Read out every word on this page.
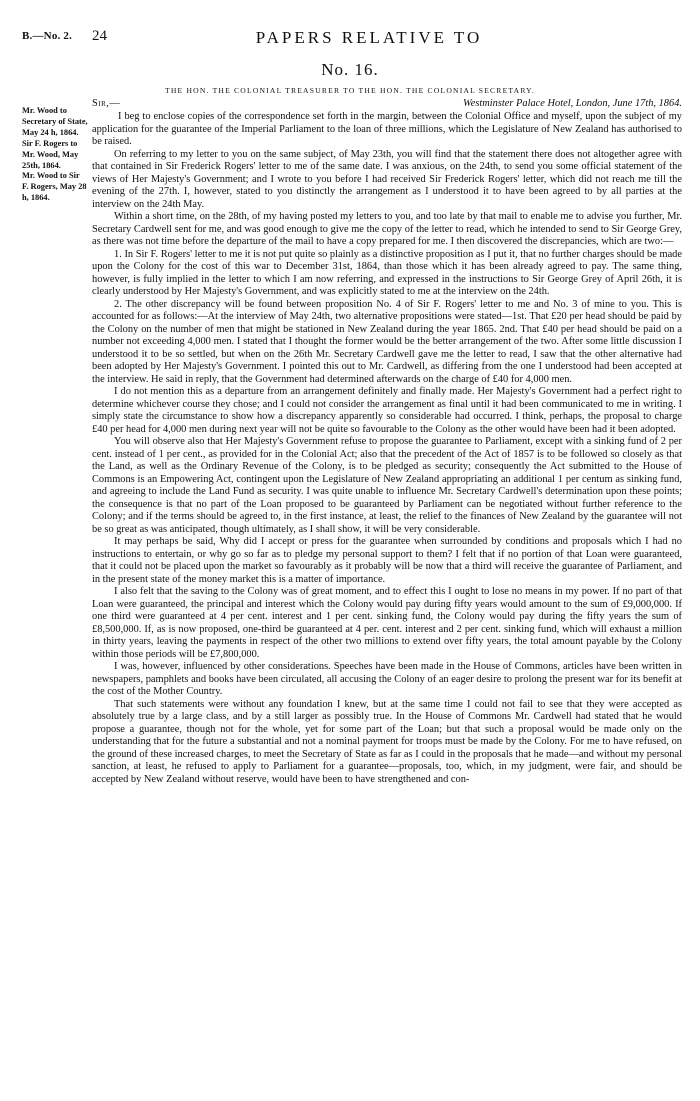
B.—No. 2. 24	PAPERS RELATIVE TO
No. 16.
THE HON. THE COLONIAL TREASURER TO THE HON. THE COLONIAL SECRETARY.

Mr. Wood to Secretary of State, May 24 h, 1864.

Sir F. Rogers to Mr. Wood, May 25th, 1864.

Mr. Wood to Sir F. Rogers, May 28 h, 1864.

Sir,—	Westminster Palace Hotel, London, June 17th, 1864.

I beg to enclose copies of the correspondence set forth in the margin, between the Colonial Office and myself, upon the subject of my application for the guarantee of the Imperial Parliament to the loan of three millions, which the Legislature of New Zealand has authorised to be raised.

On referring to my letter to you on the same subject, of May 23th, you will find that the statement there does not altogether agree with that contained in Sir Frederick Rogers' letter to me of the same date. I was anxious, on the 24th, to send you some official statement of the views of Her Majesty's Government; and I wrote to you before I had received Sir Frederick Rogers' letter, which did not reach me till the evening of the 27th. I, however, stated to you distinctly the arrangement as I understood it to have been agreed to by all parties at the interview on the 24th May.

Within a short time, on the 28th, of my having posted my letters to you, and too late by that mail to enable me to advise you further, Mr. Secretary Cardwell sent for me, and was good enough to give me the copy of the letter to read, which he intended to send to Sir George Grey, as there was not time before the departure of the mail to have a copy prepared for me. I then discovered the discrepancies, which are two:—

1. In Sir F. Rogers' letter to me it is not put quite so plainly as a distinctive proposition as I put it, that no further charges should be made upon the Colony for the cost of this war to December 31st, 1864, than those which it has been already agreed to pay. The same thing, however, is fully implied in the letter to which I am now referring, and expressed in the instructions to Sir George Grey of April 26th, it is clearly understood by Her Majesty's Government, and was explicitly stated to me at the interview on the 24th.

2. The other discrepancy will be found between proposition No. 4 of Sir F. Rogers' letter to me and No. 3 of mine to you. This is accounted for as follows:—At the interview of May 24th, two alternative propositions were stated—1st. That £20 per head should be paid by the Colony on the number of men that might be stationed in New Zealand during the year 1865. 2nd. That £40 per head should be paid on a number not exceeding 4,000 men. I stated that I thought the former would be the better arrangement of the two. After some little discussion I understood it to be so settled, but when on the 26th Mr. Secretary Cardwell gave me the letter to read, I saw that the other alternative had been adopted by Her Majesty's Government. I pointed this out to Mr. Cardwell, as differing from the one I understood had been accepted at the interview. He said in reply, that the Government had determined afterwards on the charge of £40 for 4,000 men.

I do not mention this as a departure from an arrangement definitely and finally made. Her Majesty's Government had a perfect right to determine whichever course they chose; and I could not consider the arrangement as final until it had been communicated to me in writing. I simply state the circumstance to show how a discrepancy apparently so considerable had occurred. I think, perhaps, the proposal to charge £40 per head for 4,000 men during next year will not be quite so favourable to the Colony as the other would have been had it been adopted.

You will observe also that Her Majesty's Government refuse to propose the guarantee to Parliament, except with a sinking fund of 2 per cent. instead of 1 per cent., as provided for in the Colonial Act; also that the precedent of the Act of 1857 is to be followed so closely as that the Land, as well as the Ordinary Revenue of the Colony, is to be pledged as security; consequently the Act submitted to the House of Commons is an Empowering Act, contingent upon the Legislature of New Zealand appropriating an additional 1 per centum as sinking fund, and agreeing to include the Land Fund as security. I was quite unable to influence Mr. Secretary Cardwell's determination upon these points; the consequence is that no part of the Loan proposed to be guaranteed by Parliament can be negotiated without further reference to the Colony; and if the terms should be agreed to, in the first instance, at least, the relief to the finances of New Zealand by the guarantee will not be so great as was anticipated, though ultimately, as I shall show, it will be very considerable.

It may perhaps be said, Why did I accept or press for the guarantee when surrounded by conditions and proposals which I had no instructions to entertain, or why go so far as to pledge my personal support to them? I felt that if no portion of that Loan were guaranteed, that it could not be placed upon the market so favourably as it probably will be now that a third will receive the guarantee of Parliament, and in the present state of the money market this is a matter of importance.

I also felt that the saving to the Colony was of great moment, and to effect this I ought to lose no means in my power. If no part of that Loan were guaranteed, the principal and interest which the Colony would pay during fifty years would amount to the sum of £9,000,000. If one third were guaranteed at 4 per cent. interest and 1 per cent. sinking fund, the Colony would pay during the fifty years the sum of £8,500,000. If, as is now proposed, one-third be guaranteed at 4 per. cent. interest and 2 per cent. sinking fund, which will exhaust a million in thirty years, leaving the payments in respect of the other two millions to extend over fifty years, the total amount payable by the Colony within those periods will be £7,800,000.

I was, however, influenced by other considerations. Speeches have been made in the House of Commons, articles have been written in newspapers, pamphlets and books have been circulated, all accusing the Colony of an eager desire to prolong the present war for its benefit at the cost of the Mother Country.

That such statements were without any foundation I knew, but at the same time I could not fail to see that they were accepted as absolutely true by a large class, and by a still larger as possibly true. In the House of Commons Mr. Cardwell had stated that he would propose a guarantee, though not for the whole, yet for some part of the Loan; but that such a proposal would be made only on the understanding that for the future a substantial and not a nominal payment for troops must be made by the Colony. For me to have refused, on the ground of these increased charges, to meet the Secretary of State as far as I could in the proposals that he made—and without my personal sanction, at least, he refused to apply to Parliament for a guarantee—proposals, too, which, in my judgment, were fair, and should be accepted by New Zealand without reserve, would have been to have strengthened and con-
